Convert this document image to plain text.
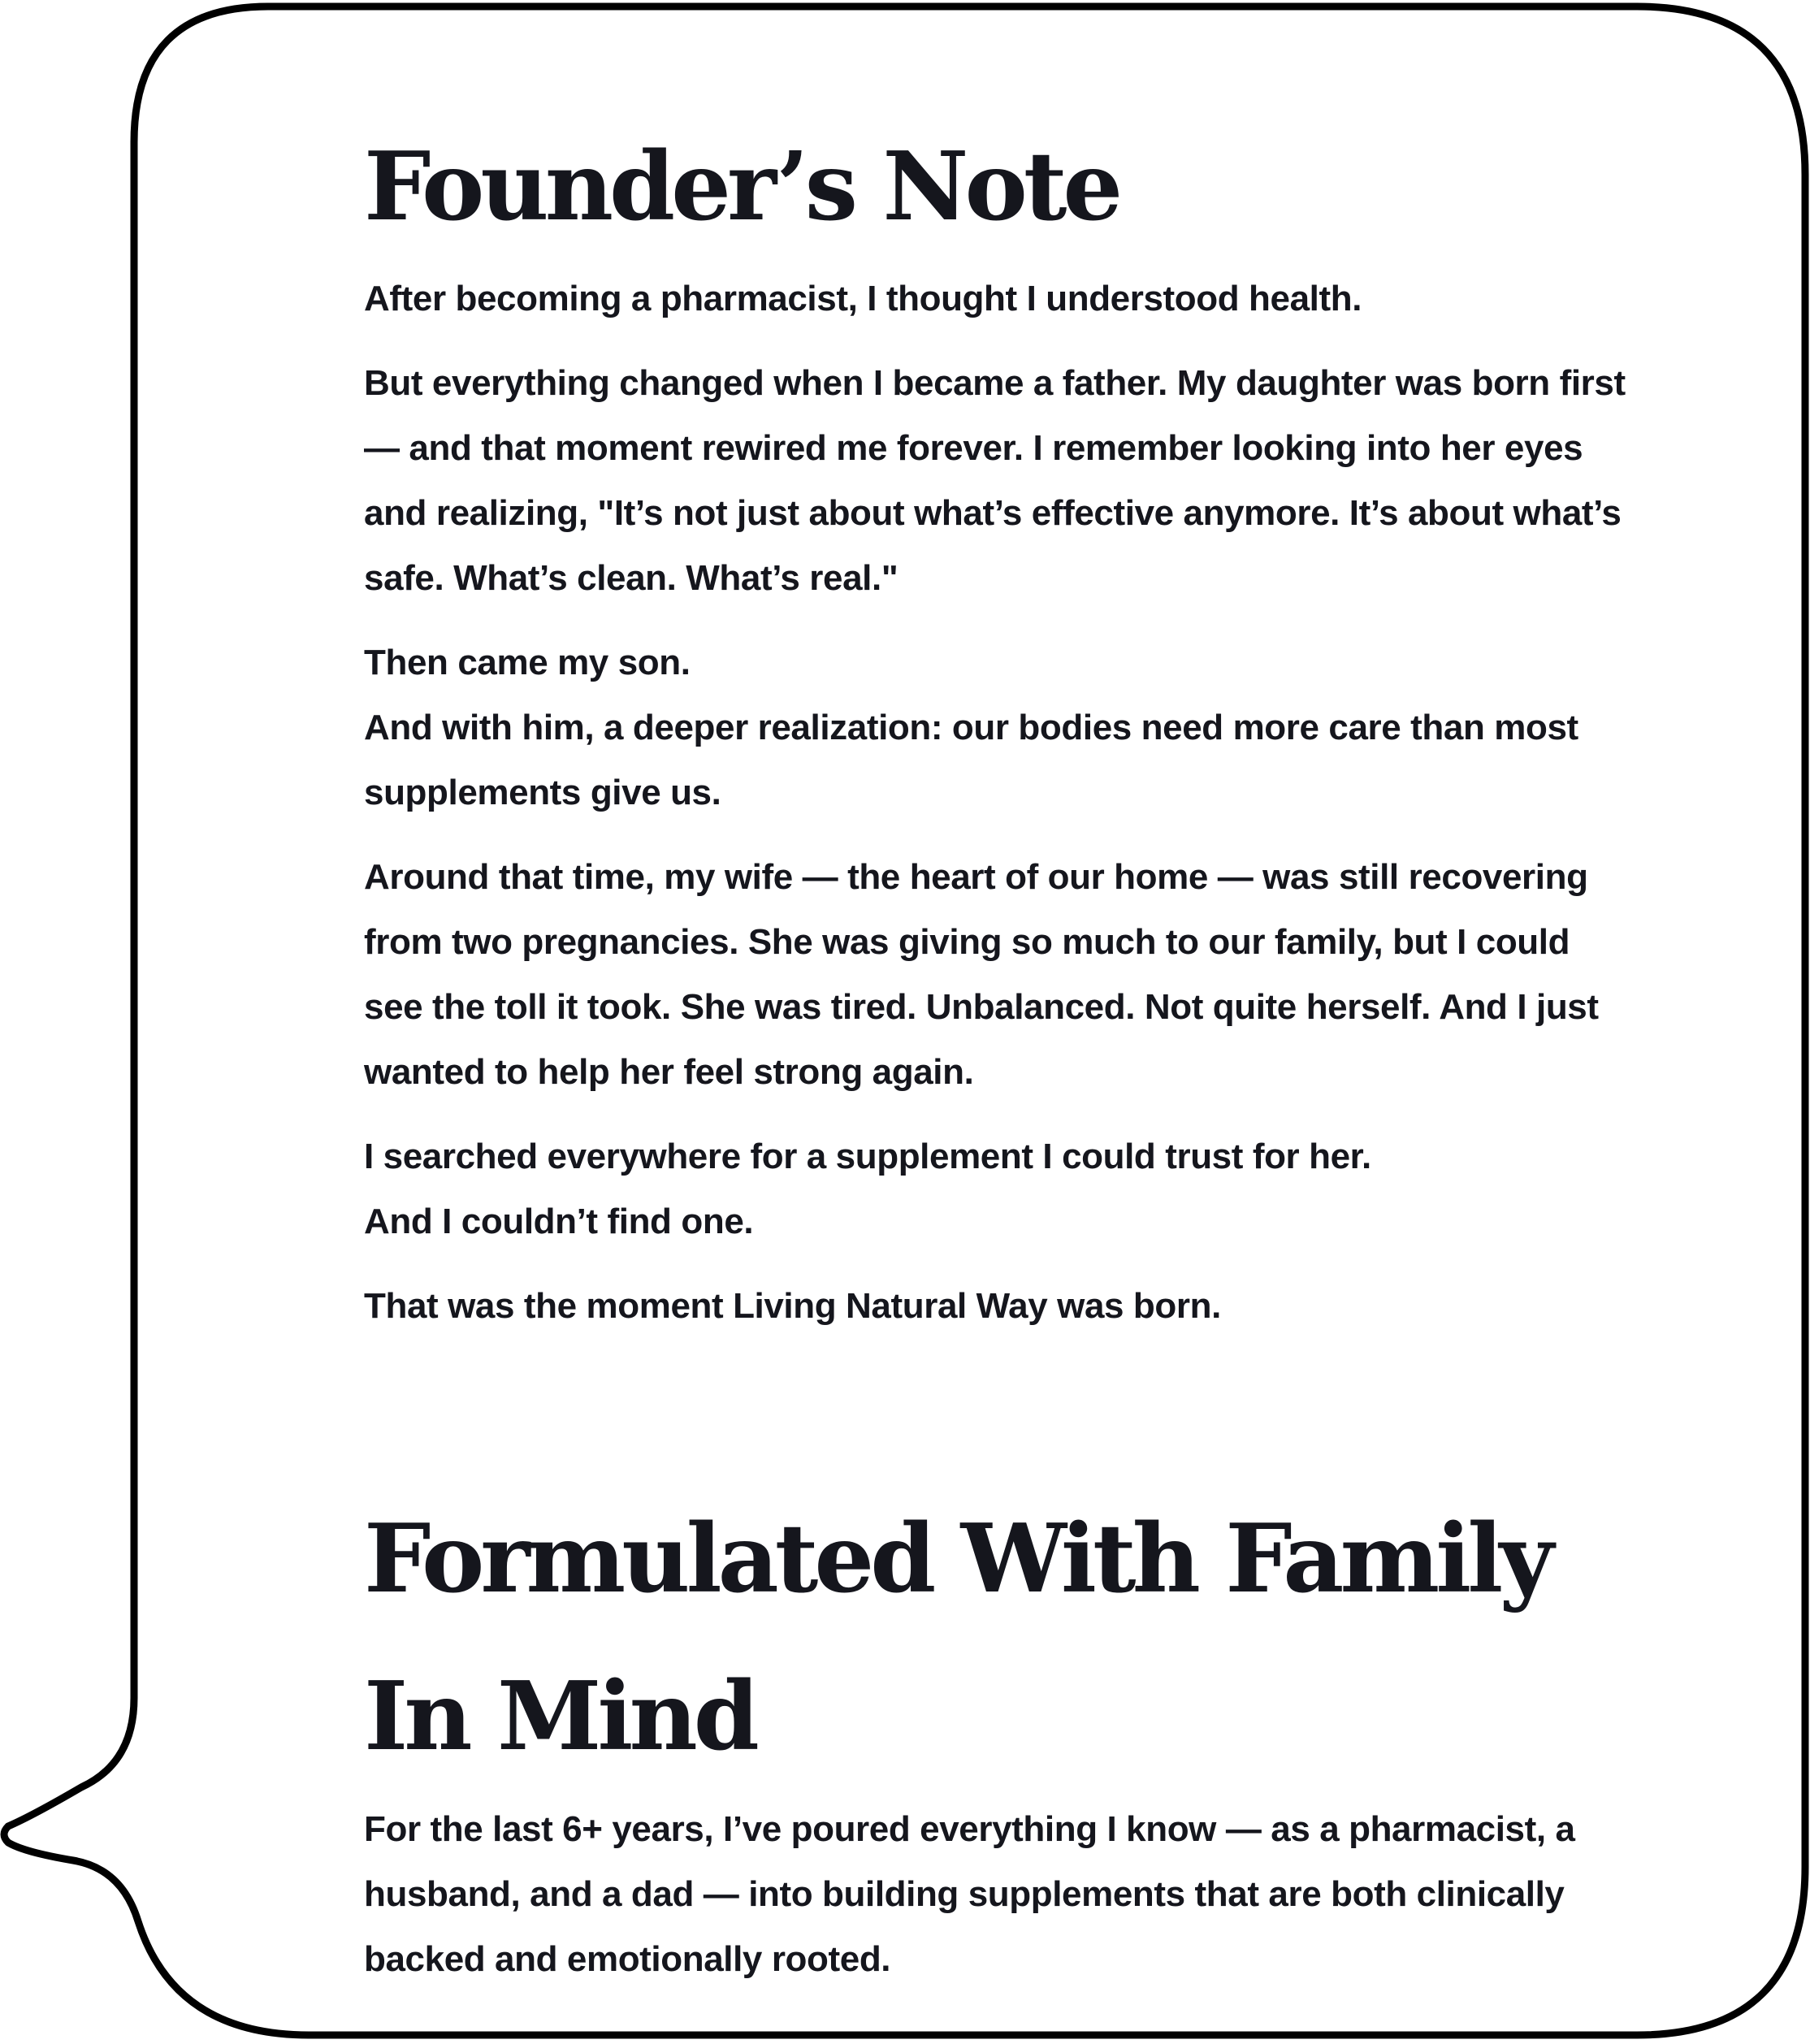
Founder’s Note

After becoming a pharmacist, I thought I understood health.

But everything changed when I became a father. My daughter was born first — and that moment rewired me forever. I remember looking into her eyes and realizing, "It’s not just about what’s effective anymore. It’s about what’s safe. What’s clean. What’s real."

Then came my son.
And with him, a deeper realization: our bodies need more care than most supplements give us.

Around that time, my wife — the heart of our home — was still recovering from two pregnancies. She was giving so much to our family, but I could see the toll it took. She was tired. Unbalanced. Not quite herself. And I just wanted to help her feel strong again.

I searched everywhere for a supplement I could trust for her.
And I couldn’t find one.

That was the moment Living Natural Way was born.

Formulated With Family In Mind

For the last 6+ years, I’ve poured everything I know — as a pharmacist, a husband, and a dad — into building supplements that are both clinically backed and emotionally rooted.
